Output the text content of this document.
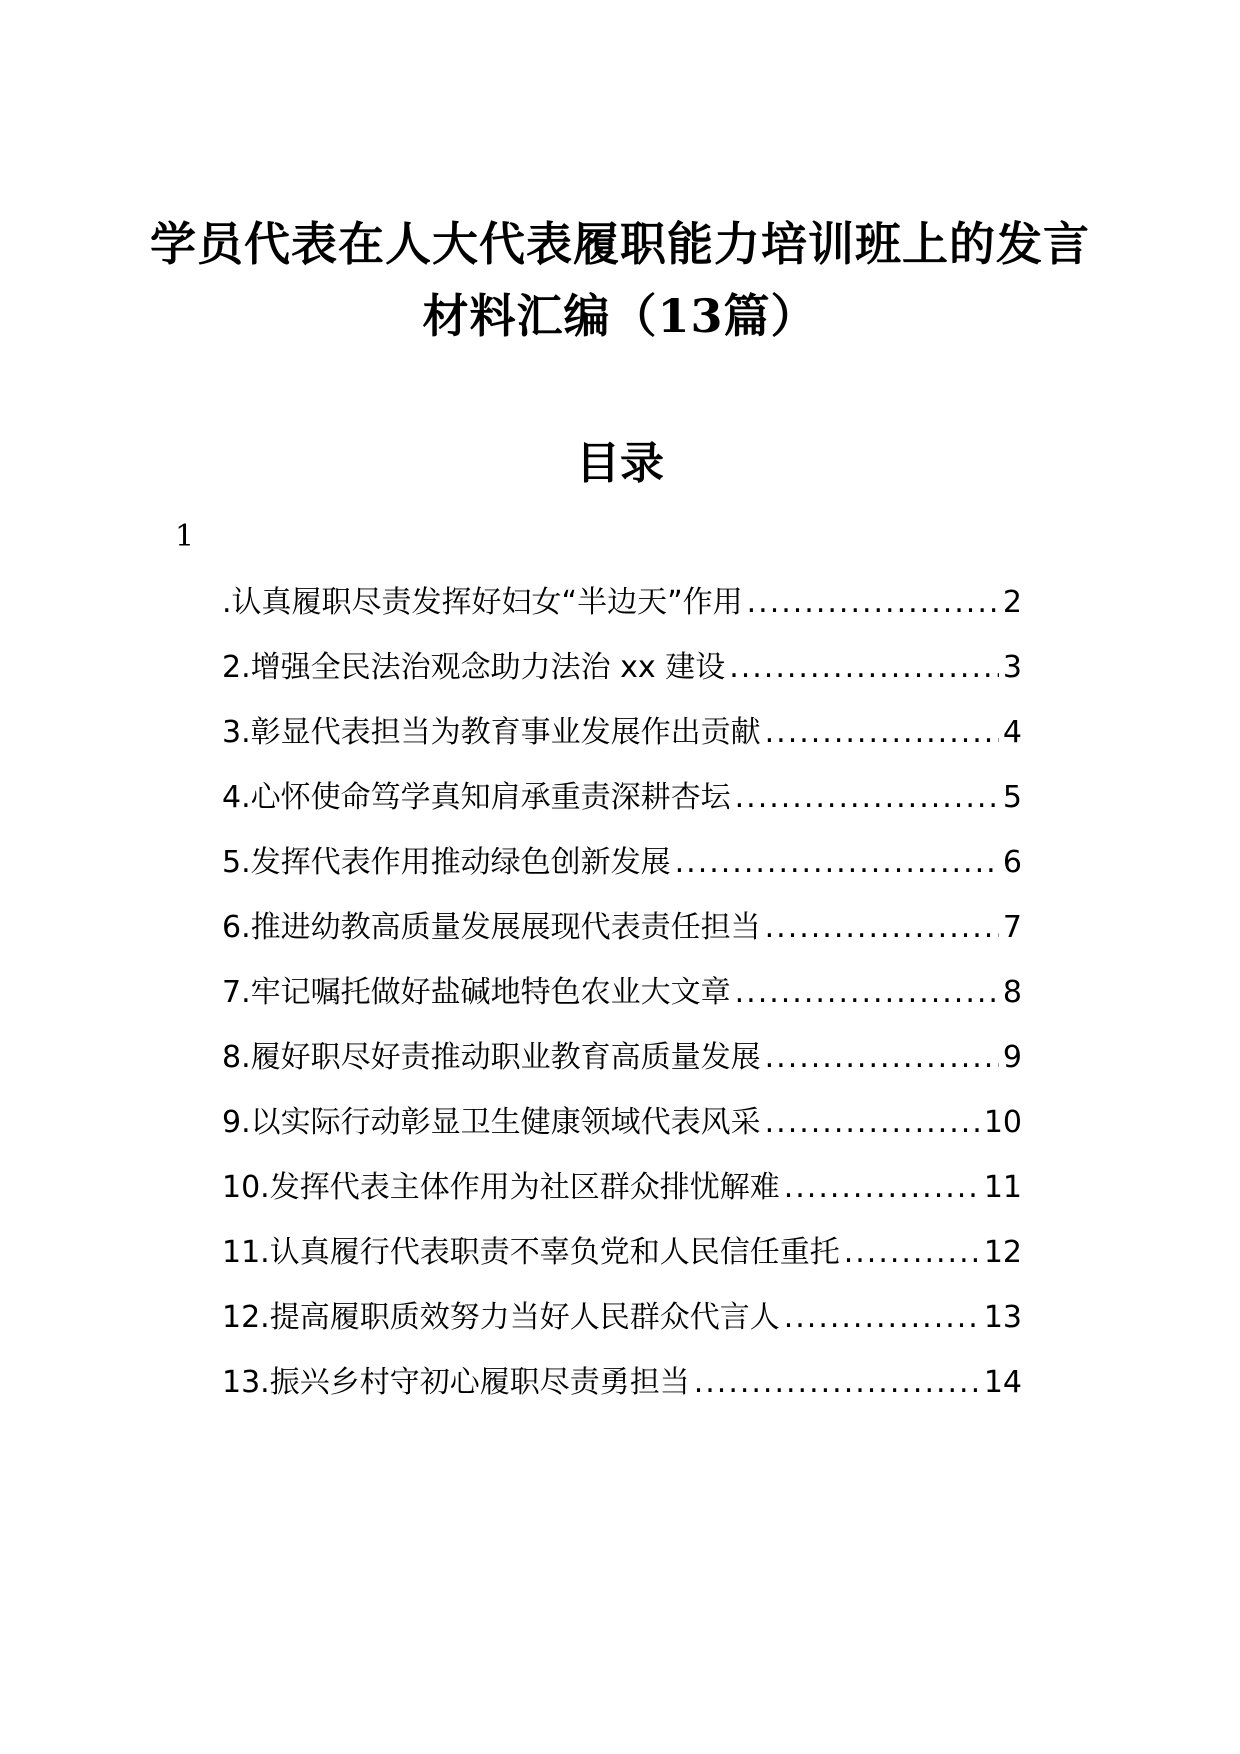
学员代表在人大代表履职能力培训班上的发言
材料汇编（13篇）
目录
1
.认真履职尽责发挥好妇女“半边天”作用 .....	2
2.增强全民法治观念助力法治 xx 建设 .....	3
3.彰显代表担当为教育事业发展作出贡献 .....	4
4.心怀使命笃学真知肩承重责深耕杏坛 .....	5
5.发挥代表作用推动绿色创新发展 .....	6
6.推进幼教高质量发展展现代表责任担当 .....	7
7.牢记嘱托做好盐碱地特色农业大文章 .....	8
8.履好职尽好责推动职业教育高质量发展 .....	9
9.以实际行动彰显卫生健康领域代表风采 .....	10
10.发挥代表主体作用为社区群众排忧解难 .....	11
11.认真履行代表职责不辜负党和人民信任重托 .....	12
12.提高履职质效努力当好人民群众代言人 .....	13
13.振兴乡村守初心履职尽责勇担当 .....	14
